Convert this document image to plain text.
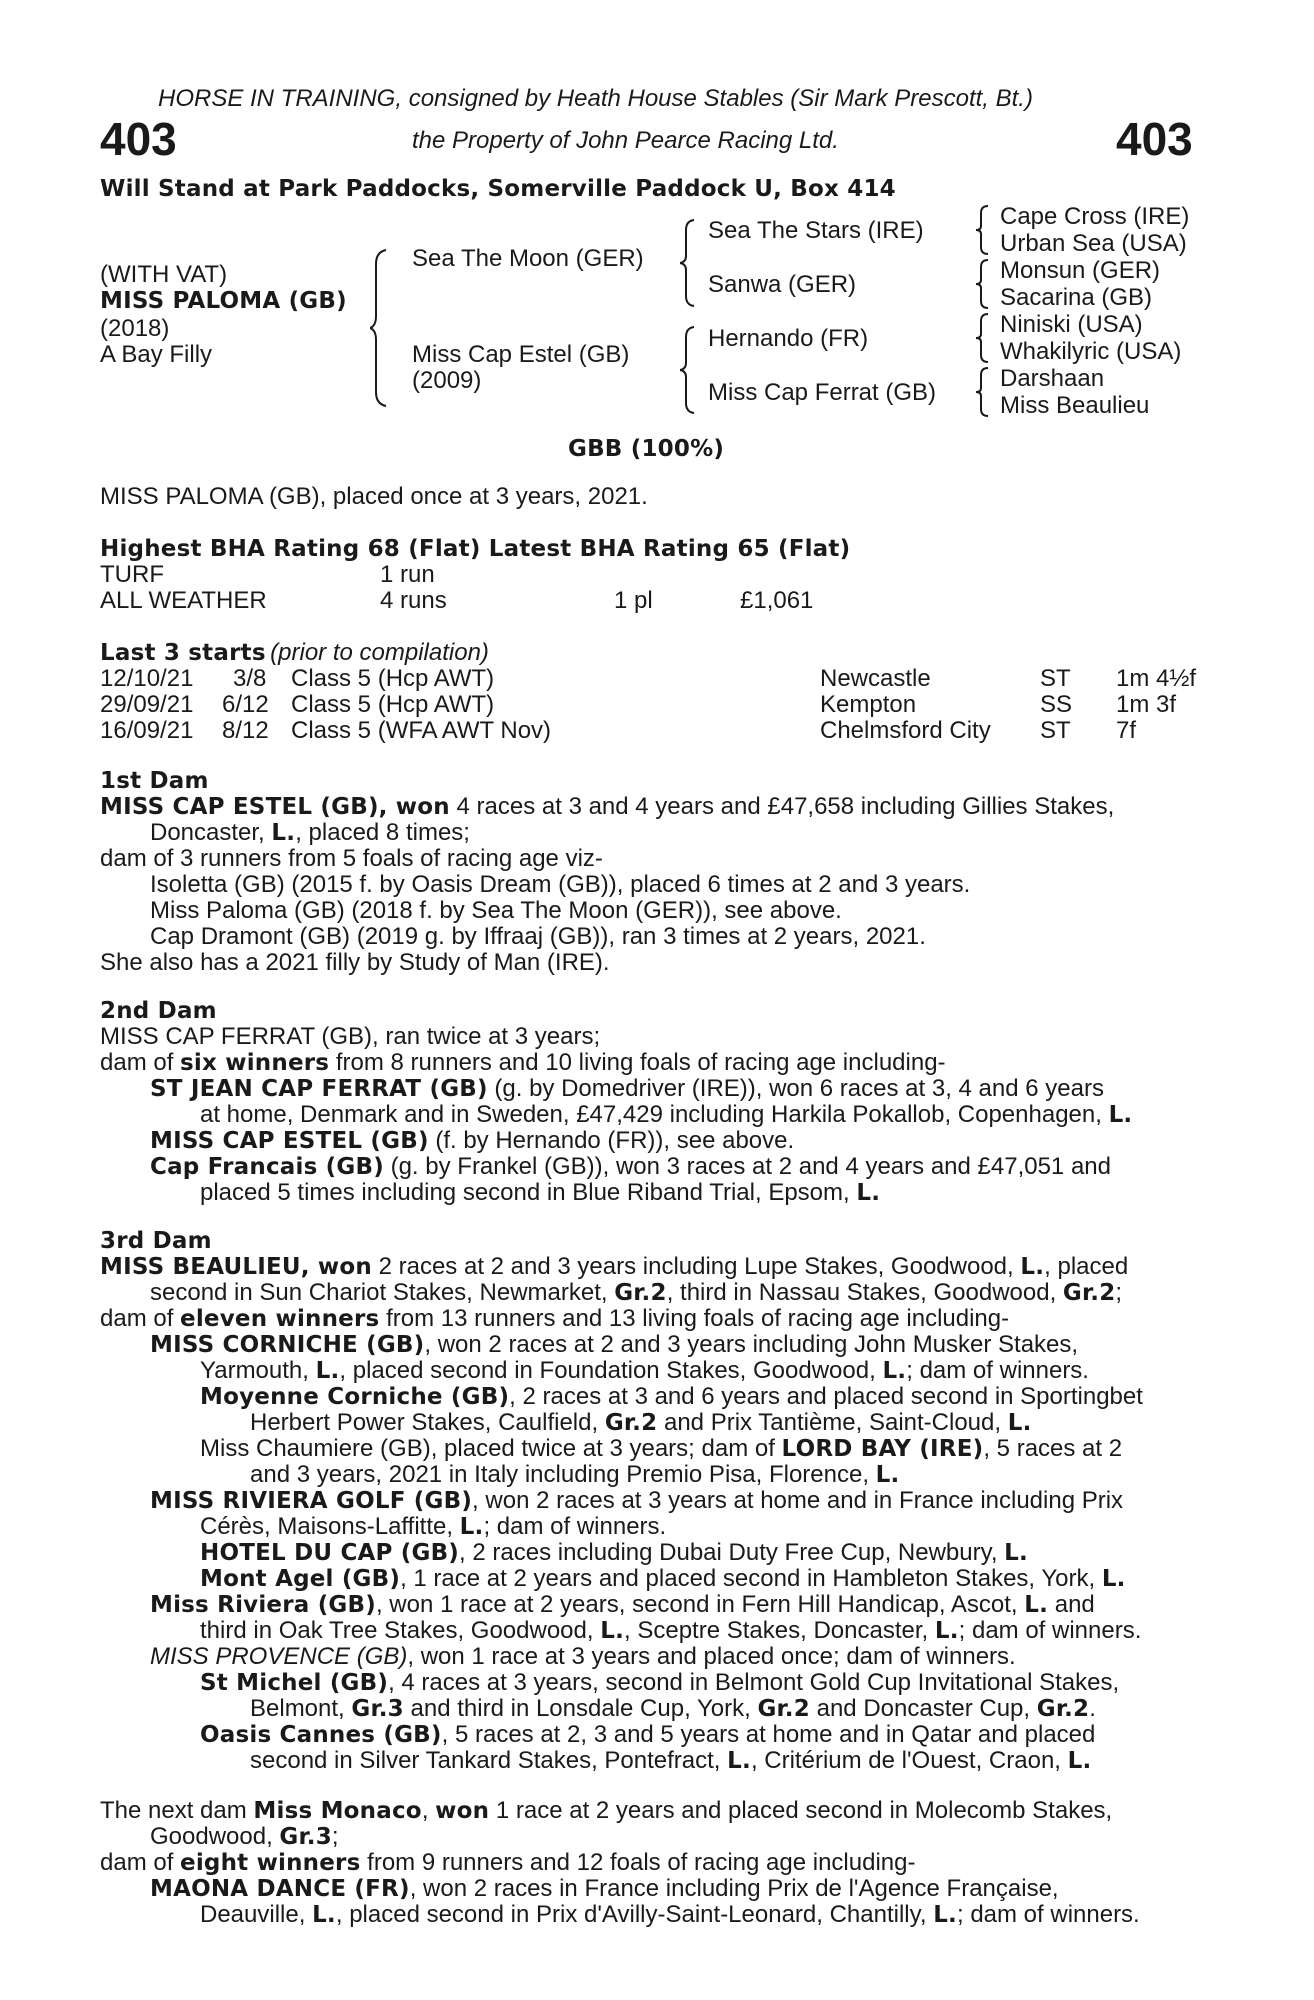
HORSE IN TRAINING, consigned by Heath House Stables (Sir Mark Prescott, Bt.)
403	the Property of John Pearce Racing Ltd.	403
Will Stand at Park Paddocks, Somerville Paddock U, Box 414
(WITH VAT)
MISS PALOMA (GB)
(2018)
A Bay Filly
Sea The Moon (GER)
Miss Cap Estel (GB)
(2009)
Sea The Stars (IRE)
Sanwa (GER)
Hernando (FR)
Miss Cap Ferrat (GB)
Cape Cross (IRE)
Urban Sea (USA)
Monsun (GER)
Sacarina (GB)
Niniski (USA)
Whakilyric (USA)
Darshaan
Miss Beaulieu
GBB (100%)
MISS PALOMA (GB), placed once at 3 years, 2021.
Highest BHA Rating 68 (Flat) Latest BHA Rating 65 (Flat)
TURF	1 run
ALL WEATHER	4 runs	1 pl	£1,061
Last 3 starts (prior to compilation)
12/10/21 3/8 Class 5 (Hcp AWT)	Newcastle	ST 1m 4½f
29/09/21 6/12 Class 5 (Hcp AWT)	Kempton	SS 1m 3f
16/09/21 8/12 Class 5 (WFA AWT Nov)	Chelmsford City ST 7f
1st Dam
MISS CAP ESTEL (GB), won 4 races at 3 and 4 years and £47,658 including Gillies Stakes,
Doncaster, L., placed 8 times;
dam of 3 runners from 5 foals of racing age viz-
Isoletta (GB) (2015 f. by Oasis Dream (GB)), placed 6 times at 2 and 3 years.
Miss Paloma (GB) (2018 f. by Sea The Moon (GER)), see above.
Cap Dramont (GB) (2019 g. by Iffraaj (GB)), ran 3 times at 2 years, 2021.
She also has a 2021 filly by Study of Man (IRE).
2nd Dam
MISS CAP FERRAT (GB), ran twice at 3 years;
dam of six winners from 8 runners and 10 living foals of racing age including-
ST JEAN CAP FERRAT (GB) (g. by Domedriver (IRE)), won 6 races at 3, 4 and 6 years
at home, Denmark and in Sweden, £47,429 including Harkila Pokallob, Copenhagen, L.
MISS CAP ESTEL (GB) (f. by Hernando (FR)), see above.
Cap Francais (GB) (g. by Frankel (GB)), won 3 races at 2 and 4 years and £47,051 and
placed 5 times including second in Blue Riband Trial, Epsom, L.
3rd Dam
MISS BEAULIEU, won 2 races at 2 and 3 years including Lupe Stakes, Goodwood, L., placed
second in Sun Chariot Stakes, Newmarket, Gr.2, third in Nassau Stakes, Goodwood, Gr.2;
dam of eleven winners from 13 runners and 13 living foals of racing age including-
MISS CORNICHE (GB), won 2 races at 2 and 3 years including John Musker Stakes,
Yarmouth, L., placed second in Foundation Stakes, Goodwood, L.; dam of winners.
Moyenne Corniche (GB), 2 races at 3 and 6 years and placed second in Sportingbet
Herbert Power Stakes, Caulfield, Gr.2 and Prix Tantième, Saint-Cloud, L.
Miss Chaumiere (GB), placed twice at 3 years; dam of LORD BAY (IRE), 5 races at 2
and 3 years, 2021 in Italy including Premio Pisa, Florence, L.
MISS RIVIERA GOLF (GB), won 2 races at 3 years at home and in France including Prix
Cérès, Maisons-Laffitte, L.; dam of winners.
HOTEL DU CAP (GB), 2 races including Dubai Duty Free Cup, Newbury, L.
Mont Agel (GB), 1 race at 2 years and placed second in Hambleton Stakes, York, L.
Miss Riviera (GB), won 1 race at 2 years, second in Fern Hill Handicap, Ascot, L. and
third in Oak Tree Stakes, Goodwood, L., Sceptre Stakes, Doncaster, L.; dam of winners.
MISS PROVENCE (GB), won 1 race at 3 years and placed once; dam of winners.
St Michel (GB), 4 races at 3 years, second in Belmont Gold Cup Invitational Stakes,
Belmont, Gr.3 and third in Lonsdale Cup, York, Gr.2 and Doncaster Cup, Gr.2.
Oasis Cannes (GB), 5 races at 2, 3 and 5 years at home and in Qatar and placed
second in Silver Tankard Stakes, Pontefract, L., Critérium de l'Ouest, Craon, L.
The next dam Miss Monaco, won 1 race at 2 years and placed second in Molecomb Stakes,
Goodwood, Gr.3;
dam of eight winners from 9 runners and 12 foals of racing age including-
MAONA DANCE (FR), won 2 races in France including Prix de l'Agence Française,
Deauville, L., placed second in Prix d'Avilly-Saint-Leonard, Chantilly, L.; dam of winners.
